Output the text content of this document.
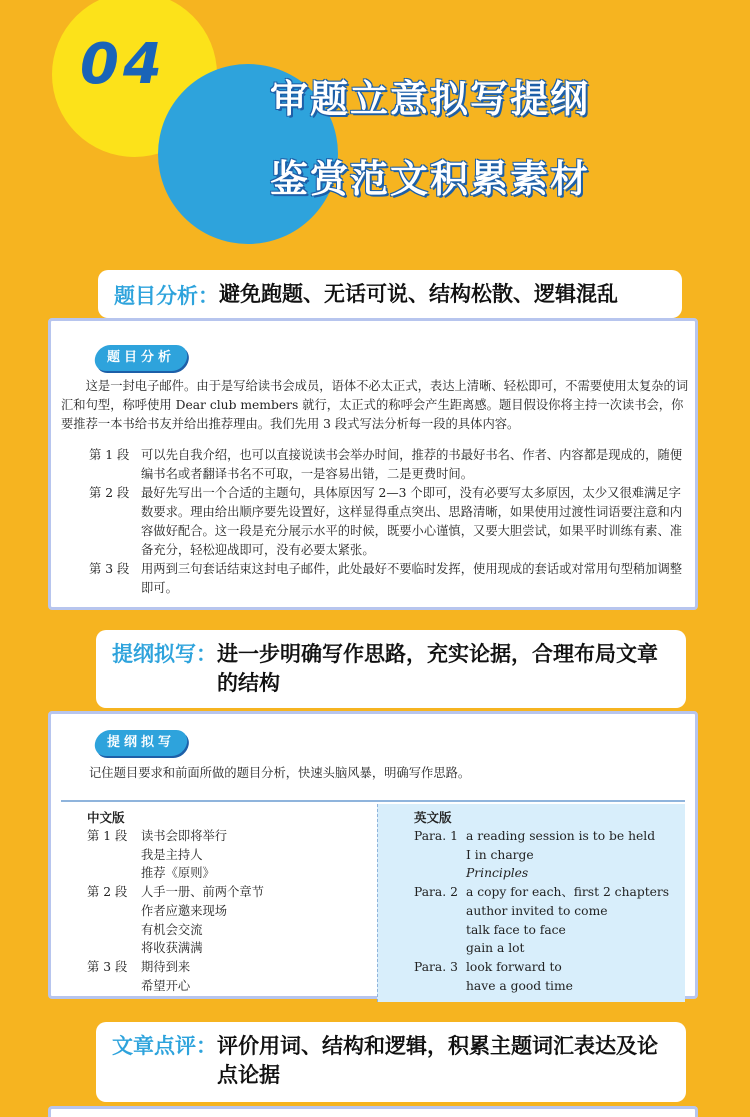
04
审题立意拟写提纲
鉴赏范文积累素材
题目分析： 避免跑题、无话可说、结构松散、逻辑混乱
题目分析

这是一封电子邮件。由于是写给读书会成员，语体不必太正式，表达上清晰、轻松即可，不需要使用太复杂的词汇和句型，称呼使用 Dear club members 就行，太正式的称呼会产生距离感。题目假设你将主持一次读书会，你要推荐一本书给书友并给出推荐理由。我们先用 3 段式写法分析每一段的具体内容。

第 1 段 可以先自我介绍，也可以直接说读书会举办时间，推荐的书最好书名、作者、内容都是现成的，随便编书名或者翻译书名不可取，一是容易出错，二是更费时间。
第 2 段 最好先写出一个合适的主题句，具体原因写 2—3 个即可，没有必要写太多原因，太少又很难满足字数要求。理由给出顺序要先设置好，这样显得重点突出、思路清晰，如果使用过渡性词语要注意和内容做好配合。这一段是充分展示水平的时候，既要小心谨慎，又要大胆尝试，如果平时训练有素、准备充分，轻松迎战即可，没有必要太紧张。
第 3 段 用两到三句套话结束这封电子邮件，此处最好不要临时发挥，使用现成的套话或对常用句型稍加调整即可。
提纲拟写： 进一步明确写作思路，充实论据，合理布局文章的结构
提纲拟写

记住题目要求和前面所做的题目分析，快速头脑风暴，明确写作思路。

中文版
第 1 段	读书会即将举行
我是主持人
推荐《原则》
第 2 段	人手一册、前两个章节
作者应邀来现场
有机会交流
将收获满满
第 3 段	期待到来
希望开心
英文版
Para. 1 a reading session is to be held
I in charge
Principles
Para. 2 a copy for each、first 2 chapters
author invited to come
talk face to face
gain a lot
Para. 3 look forward to
have a good time
文章点评： 评价用词、结构和逻辑，积累主题词汇表达及论点论据
